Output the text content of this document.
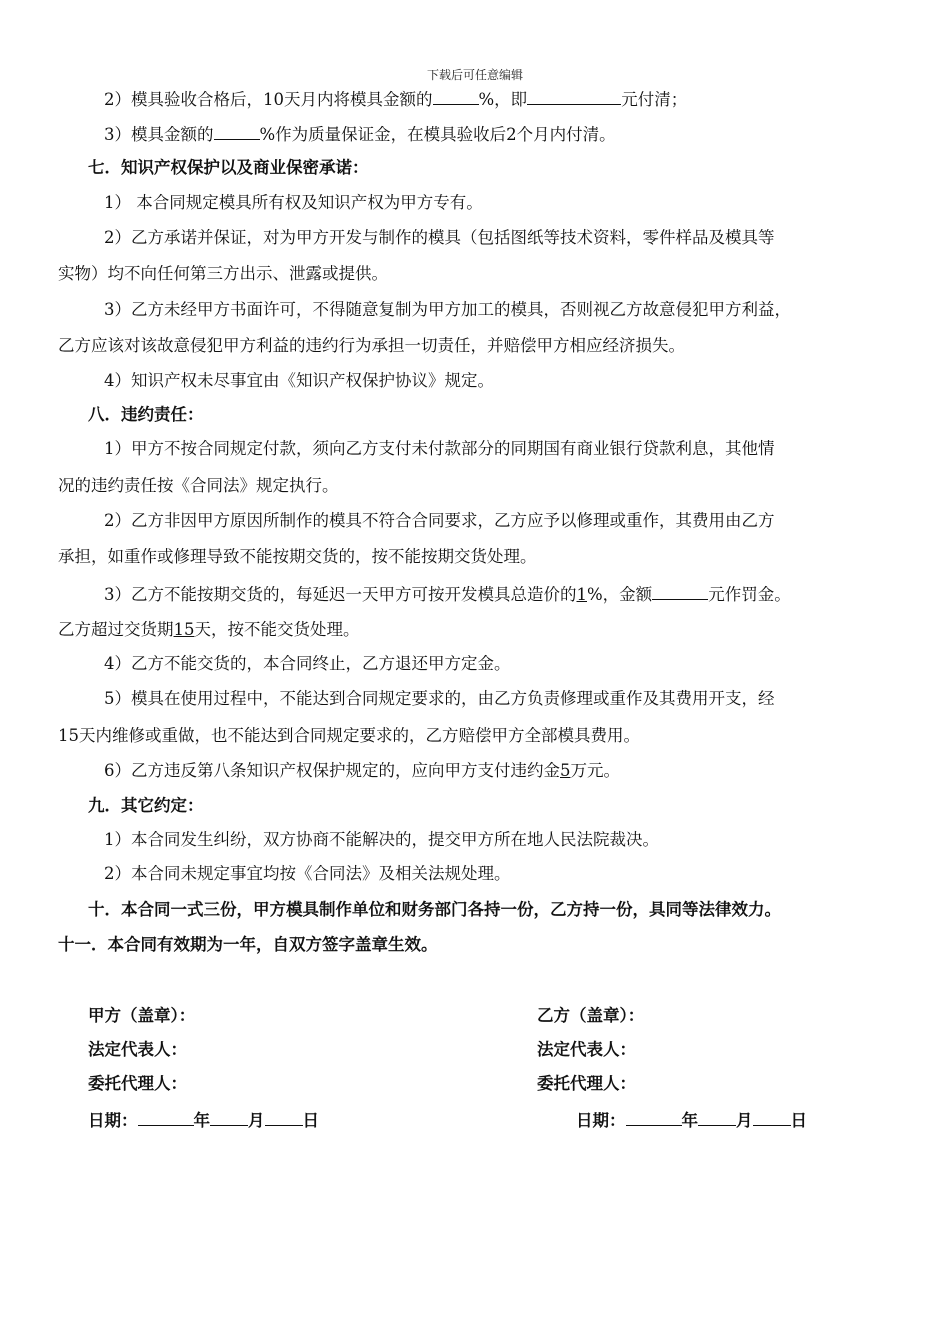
下载后可任意编辑
2）模具验收合格后，10天月内将模具金额的	%，即	元付清；
3）模具金额的	%作为质量保证金，在模具验收后2个月内付清。
七．知识产权保护以及商业保密承诺：
1） 本合同规定模具所有权及知识产权为甲方专有。
2）乙方承诺并保证，对为甲方开发与制作的模具（包括图纸等技术资料，零件样品及模具等
实物）均不向任何第三方出示、泄露或提供。
3）乙方未经甲方书面许可，不得随意复制为甲方加工的模具，否则视乙方故意侵犯甲方利益，
乙方应该对该故意侵犯甲方利益的违约行为承担一切责任，并赔偿甲方相应经济损失。
4）知识产权未尽事宜由《知识产权保护协议》规定。
八．违约责任：
1）甲方不按合同规定付款，须向乙方支付未付款部分的同期国有商业银行贷款利息，其他情
况的违约责任按《合同法》规定执行。
2）乙方非因甲方原因所制作的模具不符合合同要求，乙方应予以修理或重作，其费用由乙方
承担，如重作或修理导致不能按期交货的，按不能按期交货处理。
3）乙方不能按期交货的，每延迟一天甲方可按开发模具总造价的1%，金额	元作罚金。
乙方超过交货期15天，按不能交货处理。
4）乙方不能交货的，本合同终止，乙方退还甲方定金。
5）模具在使用过程中，不能达到合同规定要求的，由乙方负责修理或重作及其费用开支，经
15天内维修或重做，也不能达到合同规定要求的，乙方赔偿甲方全部模具费用。
6）乙方违反第八条知识产权保护规定的，应向甲方支付违约金5万元。
九．其它约定：
1）本合同发生纠纷，双方协商不能解决的，提交甲方所在地人民法院裁决。
2）本合同未规定事宜均按《合同法》及相关法规处理。
十．本合同一式三份，甲方模具制作单位和财务部门各持一份，乙方持一份，具同等法律效力。
十一．本合同有效期为一年，自双方签字盖章生效。
甲方（盖章）：
法定代表人：
委托代理人：
日期：	年 月 日
乙方（盖章）：
法定代表人：
委托代理人：
日期：	年 月 日
